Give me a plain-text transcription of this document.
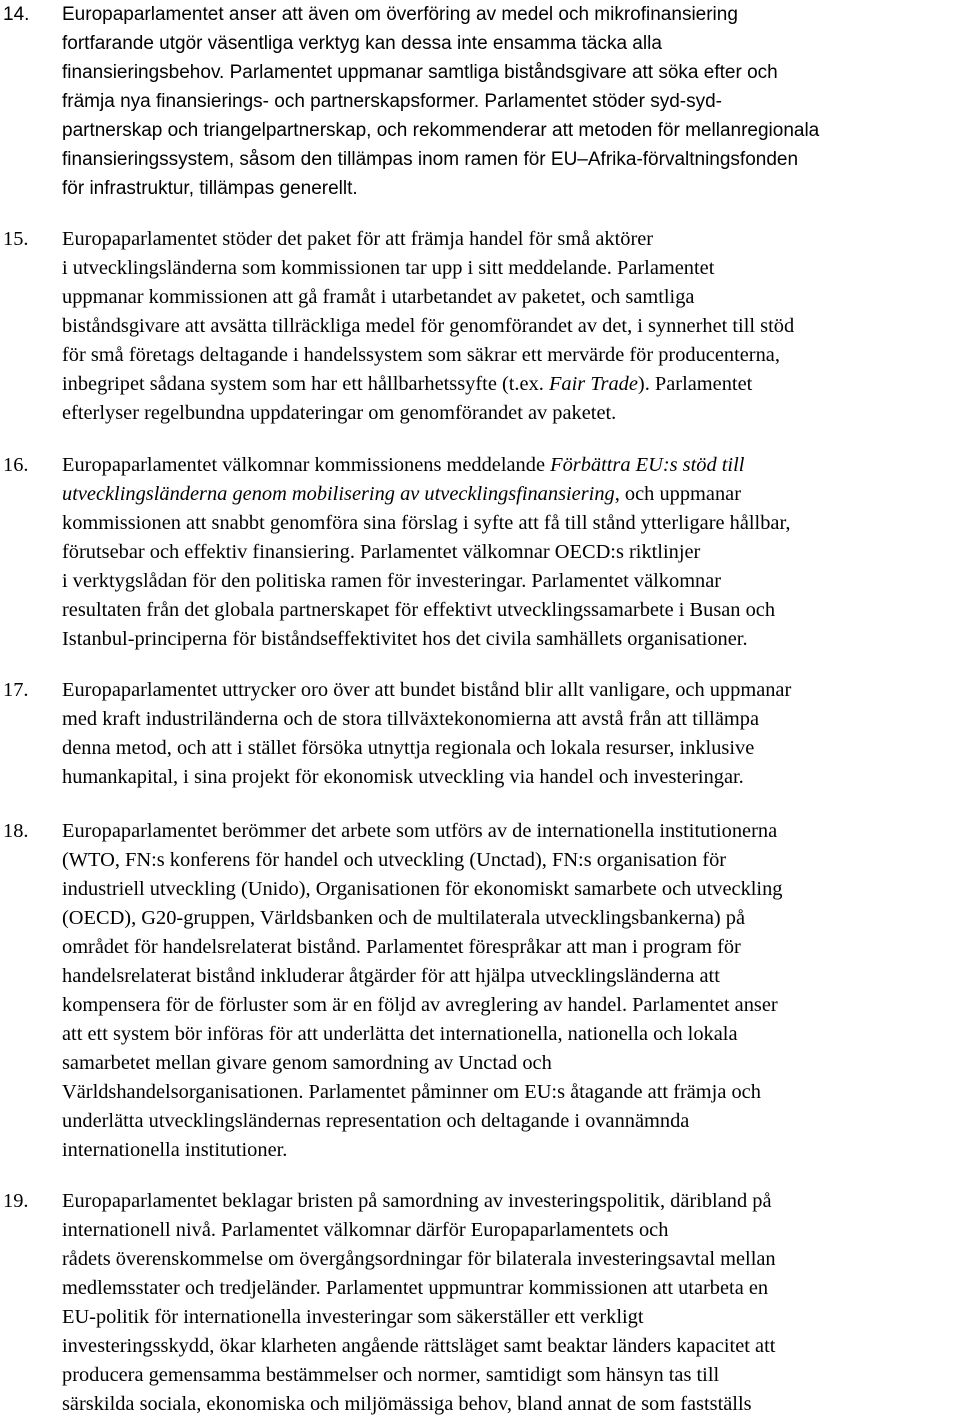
14. Europaparlamentet anser att även om överföring av medel och mikrofinansiering
fortfarande utgör väsentliga verktyg kan dessa inte ensamma täcka alla
finansieringsbehov. Parlamentet uppmanar samtliga biståndsgivare att söka efter och
främja nya finansierings- och partnerskapsformer. Parlamentet stöder syd-syd-
partnerskap och triangelpartnerskap, och rekommenderar att metoden för mellanregionala
finansieringssystem, såsom den tillämpas inom ramen för EU–Afrika-förvaltningsfonden
för infrastruktur, tillämpas generellt.
15. Europaparlamentet stöder det paket för att främja handel för små aktörer
i utvecklingsländerna som kommissionen tar upp i sitt meddelande. Parlamentet
uppmanar kommissionen att gå framåt i utarbetandet av paketet, och samtliga
biståndsgivare att avsätta tillräckliga medel för genomförandet av det, i synnerhet till stöd
för små företags deltagande i handelssystem som säkrar ett mervärde för producenterna,
inbegripet sådana system som har ett hållbarhetssyfte (t.ex. Fair Trade). Parlamentet
efterlyser regelbundna uppdateringar om genomförandet av paketet.
16. Europaparlamentet välkomnar kommissionens meddelande Förbättra EU:s stöd till
utvecklingsländerna genom mobilisering av utvecklingsfinansiering, och uppmanar
kommissionen att snabbt genomföra sina förslag i syfte att få till stånd ytterligare hållbar,
förutsebar och effektiv finansiering. Parlamentet välkomnar OECD:s riktlinjer
i verktygslådan för den politiska ramen för investeringar. Parlamentet välkomnar
resultaten från det globala partnerskapet för effektivt utvecklingssamarbete i Busan och
Istanbul-principerna för biståndseffektivitet hos det civila samhällets organisationer.
17. Europaparlamentet uttrycker oro över att bundet bistånd blir allt vanligare, och uppmanar
med kraft industriländerna och de stora tillväxtekonomierna att avstå från att tillämpa
denna metod, och att i stället försöka utnyttja regionala och lokala resurser, inklusive
humankapital, i sina projekt för ekonomisk utveckling via handel och investeringar.
18. Europaparlamentet berömmer det arbete som utförs av de internationella institutionerna
(WTO, FN:s konferens för handel och utveckling (Unctad), FN:s organisation för
industriell utveckling (Unido), Organisationen för ekonomiskt samarbete och utveckling
(OECD), G20-gruppen, Världsbanken och de multilaterala utvecklingsbankerna) på
området för handelsrelaterat bistånd. Parlamentet förespråkar att man i program för
handelsrelaterat bistånd inkluderar åtgärder för att hjälpa utvecklingsländerna att
kompensera för de förluster som är en följd av avreglering av handel. Parlamentet anser
att ett system bör införas för att underlätta det internationella, nationella och lokala
samarbetet mellan givare genom samordning av Unctad och
Världshandelsorganisationen. Parlamentet påminner om EU:s åtagande att främja och
underlätta utvecklingsländernas representation och deltagande i ovannämnda
internationella institutioner.
19. Europaparlamentet beklagar bristen på samordning av investeringspolitik, däribland på
internationell nivå. Parlamentet välkomnar därför Europaparlamentets och
rådets överenskommelse om övergångsordningar för bilaterala investeringsavtal mellan
medlemsstater och tredjeländer. Parlamentet uppmuntrar kommissionen att utarbeta en
EU-politik för internationella investeringar som säkerställer ett verkligt
investeringsskydd, ökar klarheten angående rättsläget samt beaktar länders kapacitet att
producera gemensamma bestämmelser och normer, samtidigt som hänsyn tas till
särskilda sociala, ekonomiska och miljömässiga behov, bland annat de som fastställs
